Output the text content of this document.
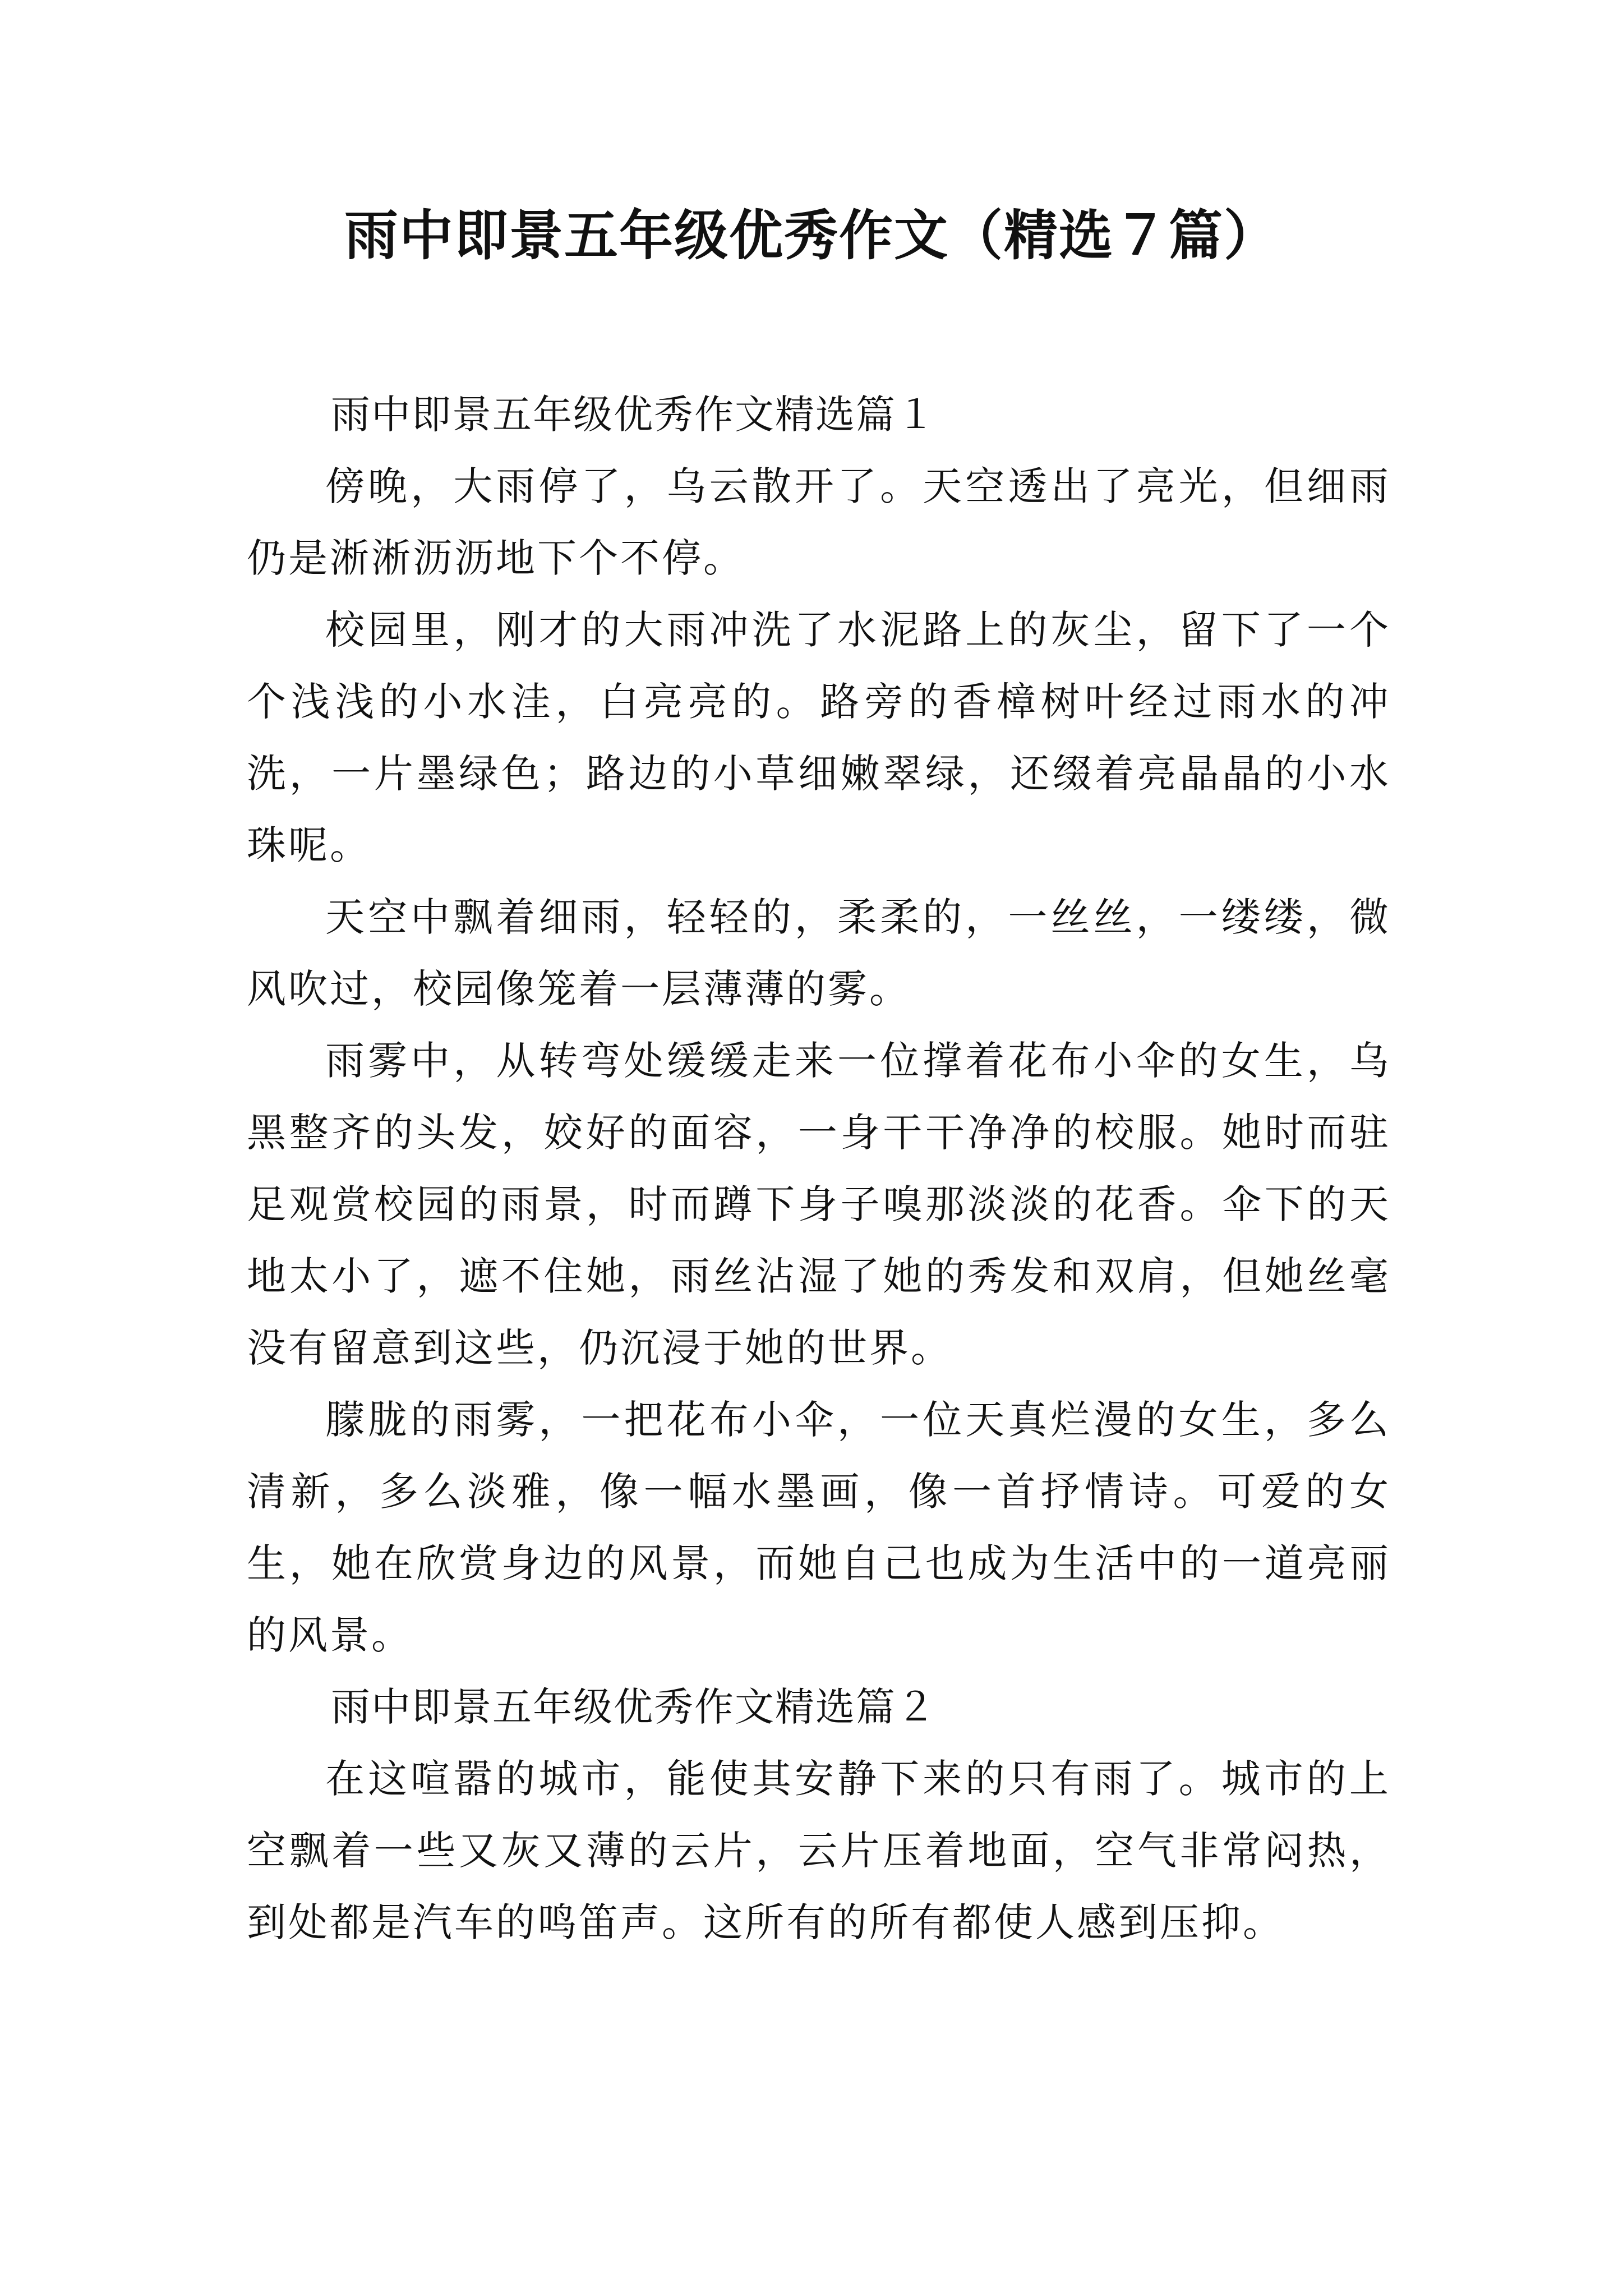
雨中即景五年级优秀作文（精选７篇）

雨中即景五年级优秀作文精选篇１

傍晚，大雨停了，乌云散开了。天空透出了亮光，但细雨仍是淅淅沥沥地下个不停。

校园里，刚才的大雨冲洗了水泥路上的灰尘，留下了一个个浅浅的小水洼，白亮亮的。路旁的香樟树叶经过雨水的冲洗，一片墨绿色；路边的小草细嫩翠绿，还缀着亮晶晶的小水珠呢。

天空中飘着细雨，轻轻的，柔柔的，一丝丝，一缕缕，微风吹过，校园像笼着一层薄薄的雾。

雨雾中，从转弯处缓缓走来一位撑着花布小伞的女生，乌黑整齐的头发，姣好的面容，一身干干净净的校服。她时而驻足观赏校园的雨景，时而蹲下身子嗅那淡淡的花香。伞下的天地太小了，遮不住她，雨丝沾湿了她的秀发和双肩，但她丝毫没有留意到这些，仍沉浸于她的世界。

朦胧的雨雾，一把花布小伞，一位天真烂漫的女生，多么清新，多么淡雅，像一幅水墨画，像一首抒情诗。可爱的女生，她在欣赏身边的风景，而她自己也成为生活中的一道亮丽的风景。

雨中即景五年级优秀作文精选篇２

在这喧嚣的城市，能使其安静下来的只有雨了。城市的上空飘着一些又灰又薄的云片，云片压着地面，空气非常闷热，到处都是汽车的鸣笛声。这所有的所有都使人感到压抑。
